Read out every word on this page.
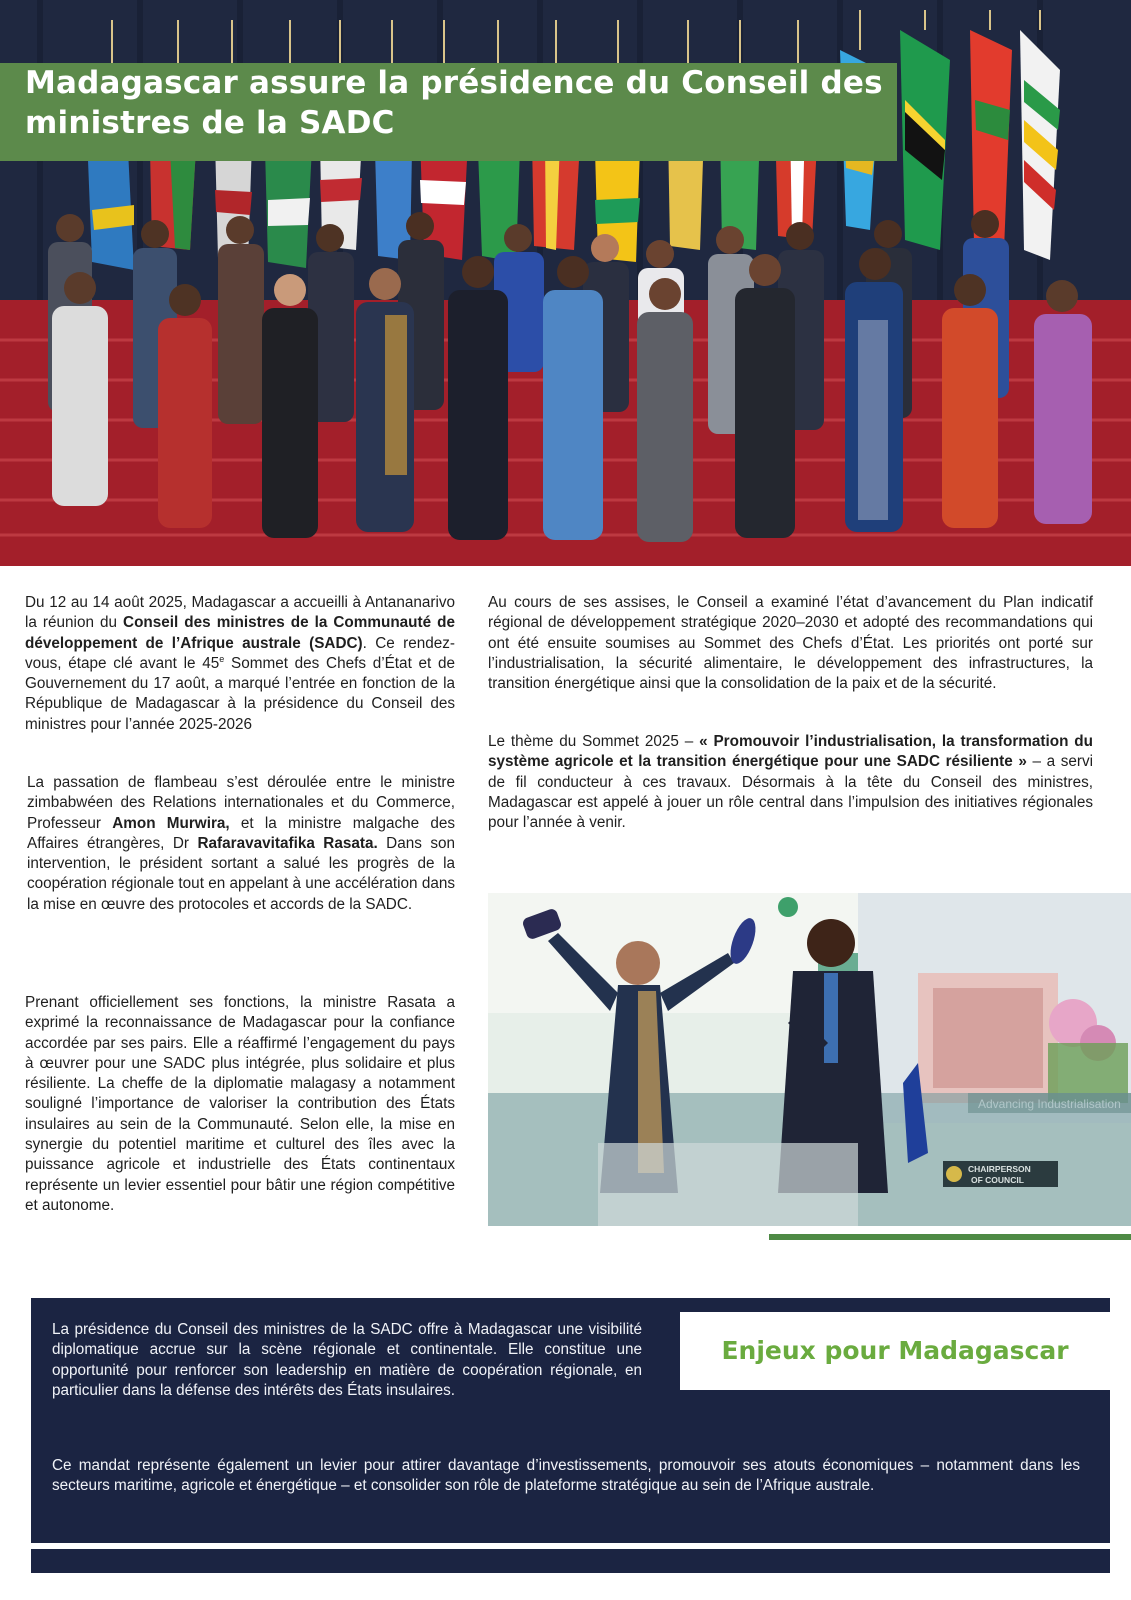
Madagascar assure la présidence du Conseil des ministres de la SADC

Du 12 au 14 août 2025, Madagascar a accueilli à Antananarivo la réunion du Conseil des ministres de la Communauté de développement de l’Afrique australe (SADC). Ce rendez-vous, étape clé avant le 45e Sommet des Chefs d’État et de Gouvernement du 17 août, a marqué l’entrée en fonction de la République de Madagascar à la présidence du Conseil des ministres pour l’année 2025-2026

La passation de flambeau s’est déroulée entre le ministre zimbabwéen des Relations internationales et du Commerce, Professeur Amon Murwira, et la ministre malgache des Affaires étrangères, Dr Rafaravavitafika Rasata. Dans son intervention, le président sortant a salué les progrès de la coopération régionale tout en appelant à une accélération dans la mise en œuvre des protocoles et accords de la SADC.

Prenant officiellement ses fonctions, la ministre Rasata a exprimé la reconnaissance de Madagascar pour la confiance accordée par ses pairs. Elle a réaffirmé l’engagement du pays à œuvrer pour une SADC plus intégrée, plus solidaire et plus résiliente. La cheffe de la diplomatie malagasy a notamment souligné l’importance de valoriser la contribution des États insulaires au sein de la Communauté. Selon elle, la mise en synergie du potentiel maritime et culturel des îles avec la puissance agricole et industrielle des États continentaux représente un levier essentiel pour bâtir une région compétitive et autonome.

Au cours de ses assises, le Conseil a examiné l’état d’avancement du Plan indicatif régional de développement stratégique 2020–2030 et adopté des recommandations qui ont été ensuite soumises au Sommet des Chefs d’État. Les priorités ont porté sur l’industrialisation, la sécurité alimentaire, le développement des infrastructures, la transition énergétique ainsi que la consolidation de la paix et de la sécurité.

Le thème du Sommet 2025 – « Promouvoir l’industrialisation, la transformation du système agricole et la transition énergétique pour une SADC résiliente » – a servi de fil conducteur à ces travaux. Désormais à la tête du Conseil des ministres, Madagascar est appelé à jouer un rôle central dans l’impulsion des initiatives régionales pour l’année à venir.

CHAIRPERSON
OF COUNCIL
Enjeux pour Madagascar

La présidence du Conseil des ministres de la SADC offre à Madagascar une visibilité diplomatique accrue sur la scène régionale et continentale. Elle constitue une opportunité pour renforcer son leadership en matière de coopération régionale, en particulier dans la défense des intérêts des États insulaires.

Ce mandat représente également un levier pour attirer davantage d’investissements, promouvoir ses atouts économiques – notamment dans les secteurs maritime, agricole et énergétique – et consolider son rôle de plateforme stratégique au sein de l’Afrique australe.
